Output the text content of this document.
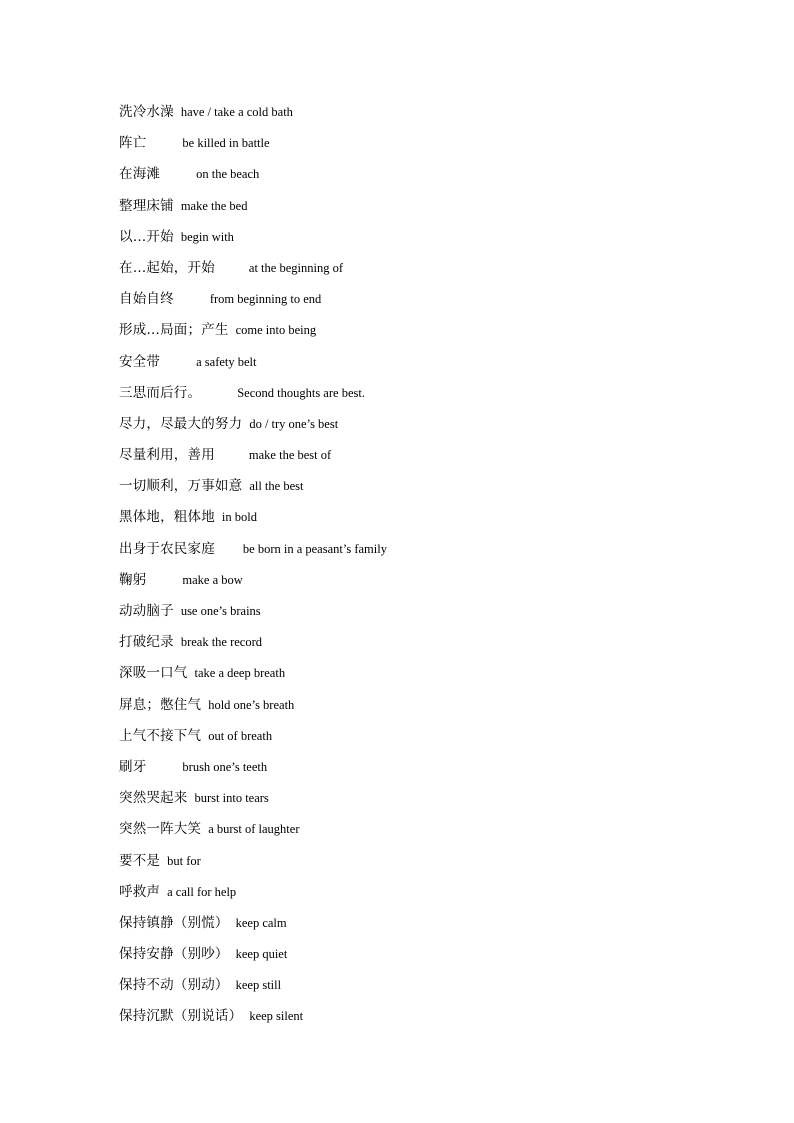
洗冷水澡 have / take a cold bath
阵亡	be killed in battle
在海滩	on the beach
整理床铺 make the bed
以…开始 begin with
在…起始，开始	at the beginning of
自始自终	from beginning to end
形成…局面；产生 come into being
安全带	a safety belt
三思而后行。	Second thoughts are best.
尽力，尽最大的努力 do / try one’s best
尽量利用，善用	make the best of
一切顺利，万事如意 all the best
黑体地，粗体地 in bold
出身于农民家庭	be born in a peasant’s family
鞠躬	make a bow
动动脑子 use one’s brains
打破纪录 break the record
深吸一口气 take a deep breath
屏息；憋住气 hold one’s breath
上气不接下气 out of breath
刷牙	brush one’s teeth
突然哭起来 burst into tears
突然一阵大笑 a burst of laughter
要不是 but for
呼救声 a call for help
保持镇静（别慌） keep calm
保持安静（别吵） keep quiet
保持不动（别动） keep still
保持沉默（别说话） keep silent
